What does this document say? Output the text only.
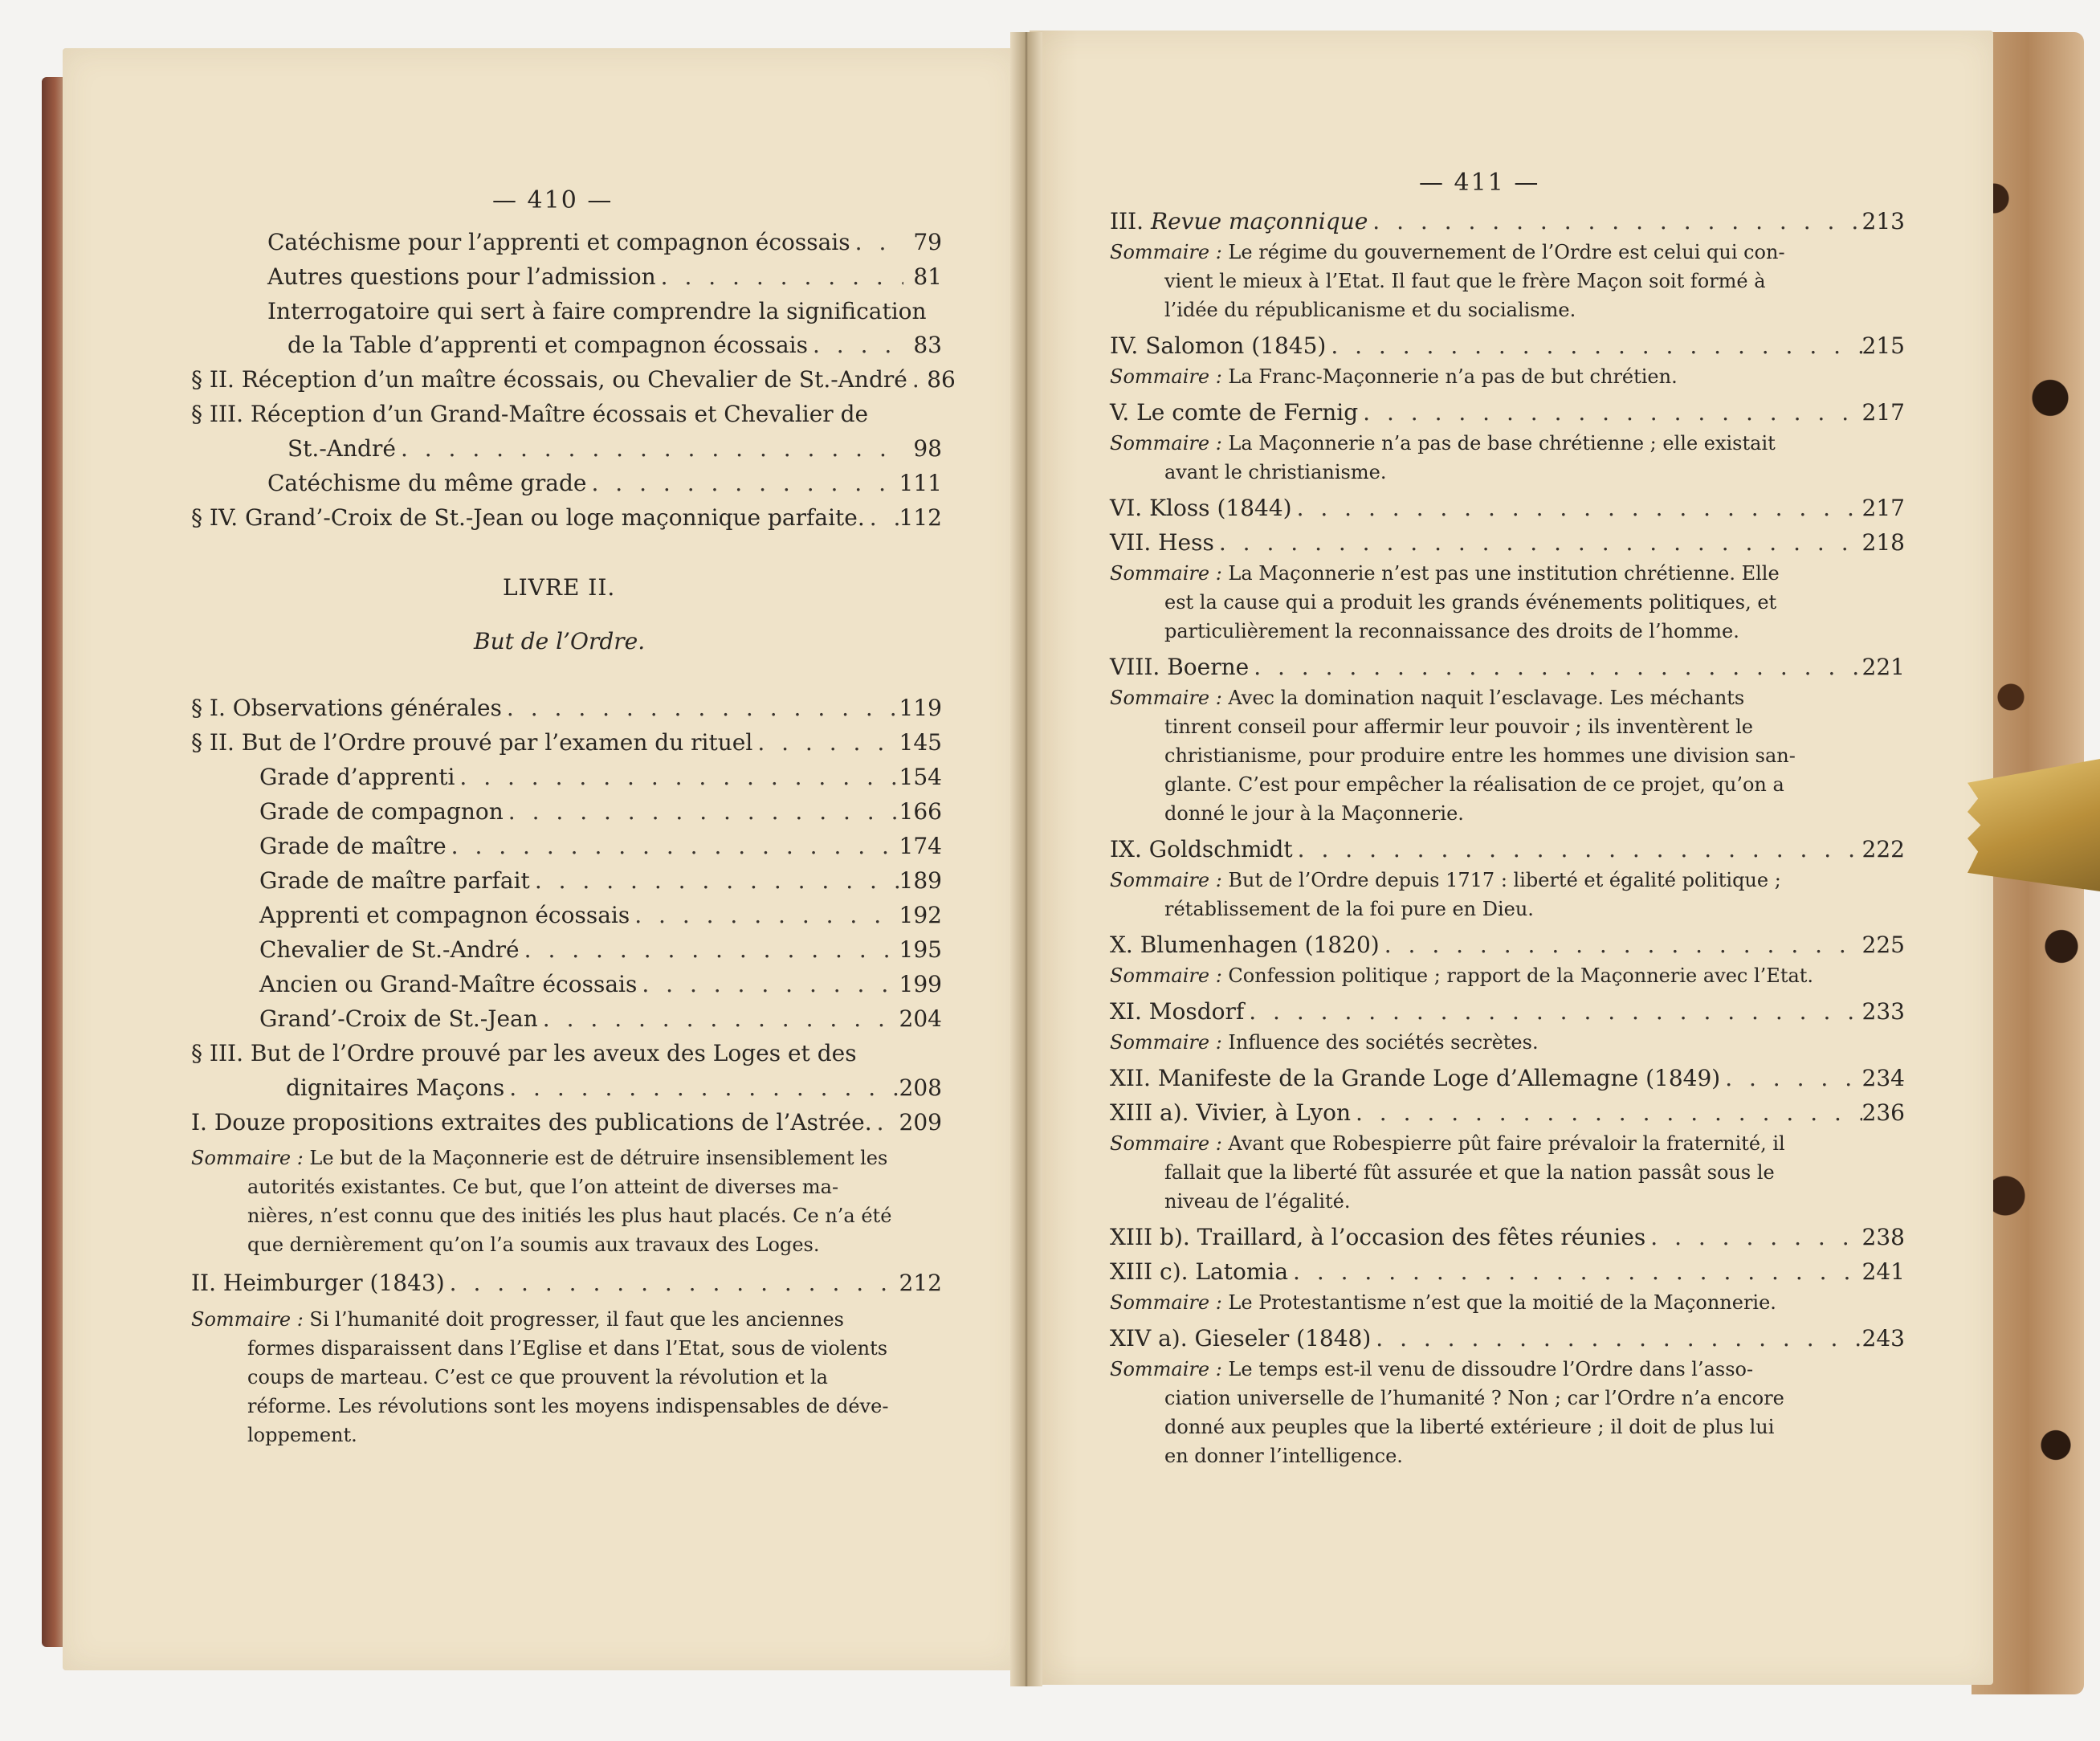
— 410 —
Catéchisme pour l’apprenti et compagnon écossais . . .	79
Autres questions pour l’admission . . .	81
Interrogatoire qui sert à faire comprendre la signification
de la Table d’apprenti et compagnon écossais . . .	83
§ II. Réception d’un maître écossais, ou Chevalier de St.-André . . . 86
§ III. Réception d’un Grand-Maître écossais et Chevalier de
St.-André . . .	98
Catéchisme du même grade . . .	111
§ IV. Grand’-Croix de St.-Jean ou loge maçonnique parfaite. . . . 112
LIVRE II.
But de l’Ordre.
§ I. Observations générales . . .	119
§ II. But de l’Ordre prouvé par l’examen du rituel . . .	145
Grade d’apprenti . . .	154
Grade de compagnon . . .	166
Grade de maître . . .	174
Grade de maître parfait . . .	189
Apprenti et compagnon écossais . . .	192
Chevalier de St.-André . . .	195
Ancien ou Grand-Maître écossais . . .	199
Grand’-Croix de St.-Jean . . .	204
§ III. But de l’Ordre prouvé par les aveux des Loges et des
dignitaires Maçons . . .	208
I. Douze propositions extraites des publications de l’Astrée. . . . 209
Sommaire : Le but de la Maçonnerie est de détruire insensiblement les
autorités existantes. Ce but, que l’on atteint de diverses ma-
nières, n’est connu que des initiés les plus haut placés. Ce n’a été
que dernièrement qu’on l’a soumis aux travaux des Loges.
II. Heimburger (1843) . . .	212
Sommaire : Si l’humanité doit progresser, il faut que les anciennes
formes disparaissent dans l’Eglise et dans l’Etat, sous de violents
coups de marteau. C’est ce que prouvent la révolution et la
réforme. Les révolutions sont les moyens indispensables de déve-
loppement.
— 411 —
III. Revue maçonnique . . .	213
Sommaire : Le régime du gouvernement de l’Ordre est celui qui con-
vient le mieux à l’Etat. Il faut que le frère Maçon soit formé à
l’idée du républicanisme et du socialisme.
IV. Salomon (1845) . . .	215
Sommaire : La Franc-Maçonnerie n’a pas de but chrétien.
V. Le comte de Fernig . . .	217
Sommaire : La Maçonnerie n’a pas de base chrétienne ; elle existait
avant le christianisme.
VI. Kloss (1844) . . .	217
VII. Hess . . .	218
Sommaire : La Maçonnerie n’est pas une institution chrétienne. Elle
est la cause qui a produit les grands événements politiques, et
particulièrement la reconnaissance des droits de l’homme.
VIII. Boerne . . .	221
Sommaire : Avec la domination naquit l’esclavage. Les méchants
tinrent conseil pour affermir leur pouvoir ; ils inventèrent le
christianisme, pour produire entre les hommes une division san-
glante. C’est pour empêcher la réalisation de ce projet, qu’on a
donné le jour à la Maçonnerie.
IX. Goldschmidt . . .	222
Sommaire : But de l’Ordre depuis 1717 : liberté et égalité politique ;
rétablissement de la foi pure en Dieu.
X. Blumenhagen (1820) . . .	225
Sommaire : Confession politique ; rapport de la Maçonnerie avec l’Etat.
XI. Mosdorf . . .	233
Sommaire : Influence des sociétés secrètes.
XII. Manifeste de la Grande Loge d’Allemagne (1849) . . .	234
XIII a). Vivier, à Lyon . . .	236
Sommaire : Avant que Robespierre pût faire prévaloir la fraternité, il
fallait que la liberté fût assurée et que la nation passât sous le
niveau de l’égalité.
XIII b). Traillard, à l’occasion des fêtes réunies . . .	238
XIII c). Latomia . . .	241
Sommaire : Le Protestantisme n’est que la moitié de la Maçonnerie.
XIV a). Gieseler (1848) . . .	243
Sommaire : Le temps est-il venu de dissoudre l’Ordre dans l’asso-
ciation universelle de l’humanité ? Non ; car l’Ordre n’a encore
donné aux peuples que la liberté extérieure ; il doit de plus lui
en donner l’intelligence.
